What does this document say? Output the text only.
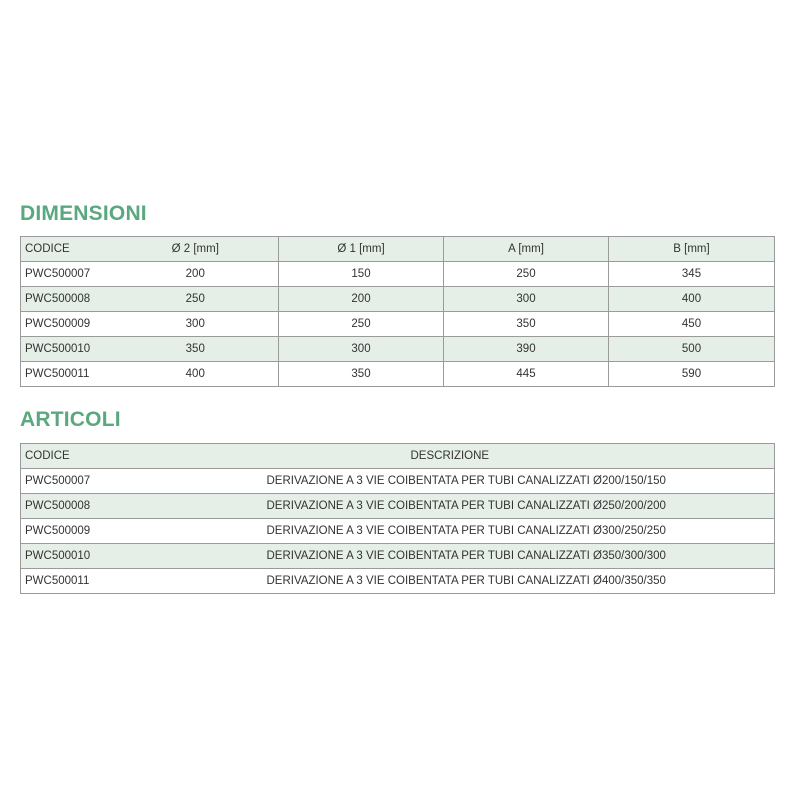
DIMENSIONI
CODICE	Ø 2 [mm]	Ø 1 [mm]	A [mm]	B [mm]
PWC500007	200	150	250	345
PWC500008	250	200	300	400
PWC500009	300	250	350	450
PWC500010	350	300	390	500
PWC500011	400	350	445	590
ARTICOLI
CODICE	DESCRIZIONE
PWC500007	DERIVAZIONE A 3 VIE COIBENTATA PER TUBI CANALIZZATI Ø200/150/150
PWC500008	DERIVAZIONE A 3 VIE COIBENTATA PER TUBI CANALIZZATI Ø250/200/200
PWC500009	DERIVAZIONE A 3 VIE COIBENTATA PER TUBI CANALIZZATI Ø300/250/250
PWC500010	DERIVAZIONE A 3 VIE COIBENTATA PER TUBI CANALIZZATI Ø350/300/300
PWC500011	DERIVAZIONE A 3 VIE COIBENTATA PER TUBI CANALIZZATI Ø400/350/350
